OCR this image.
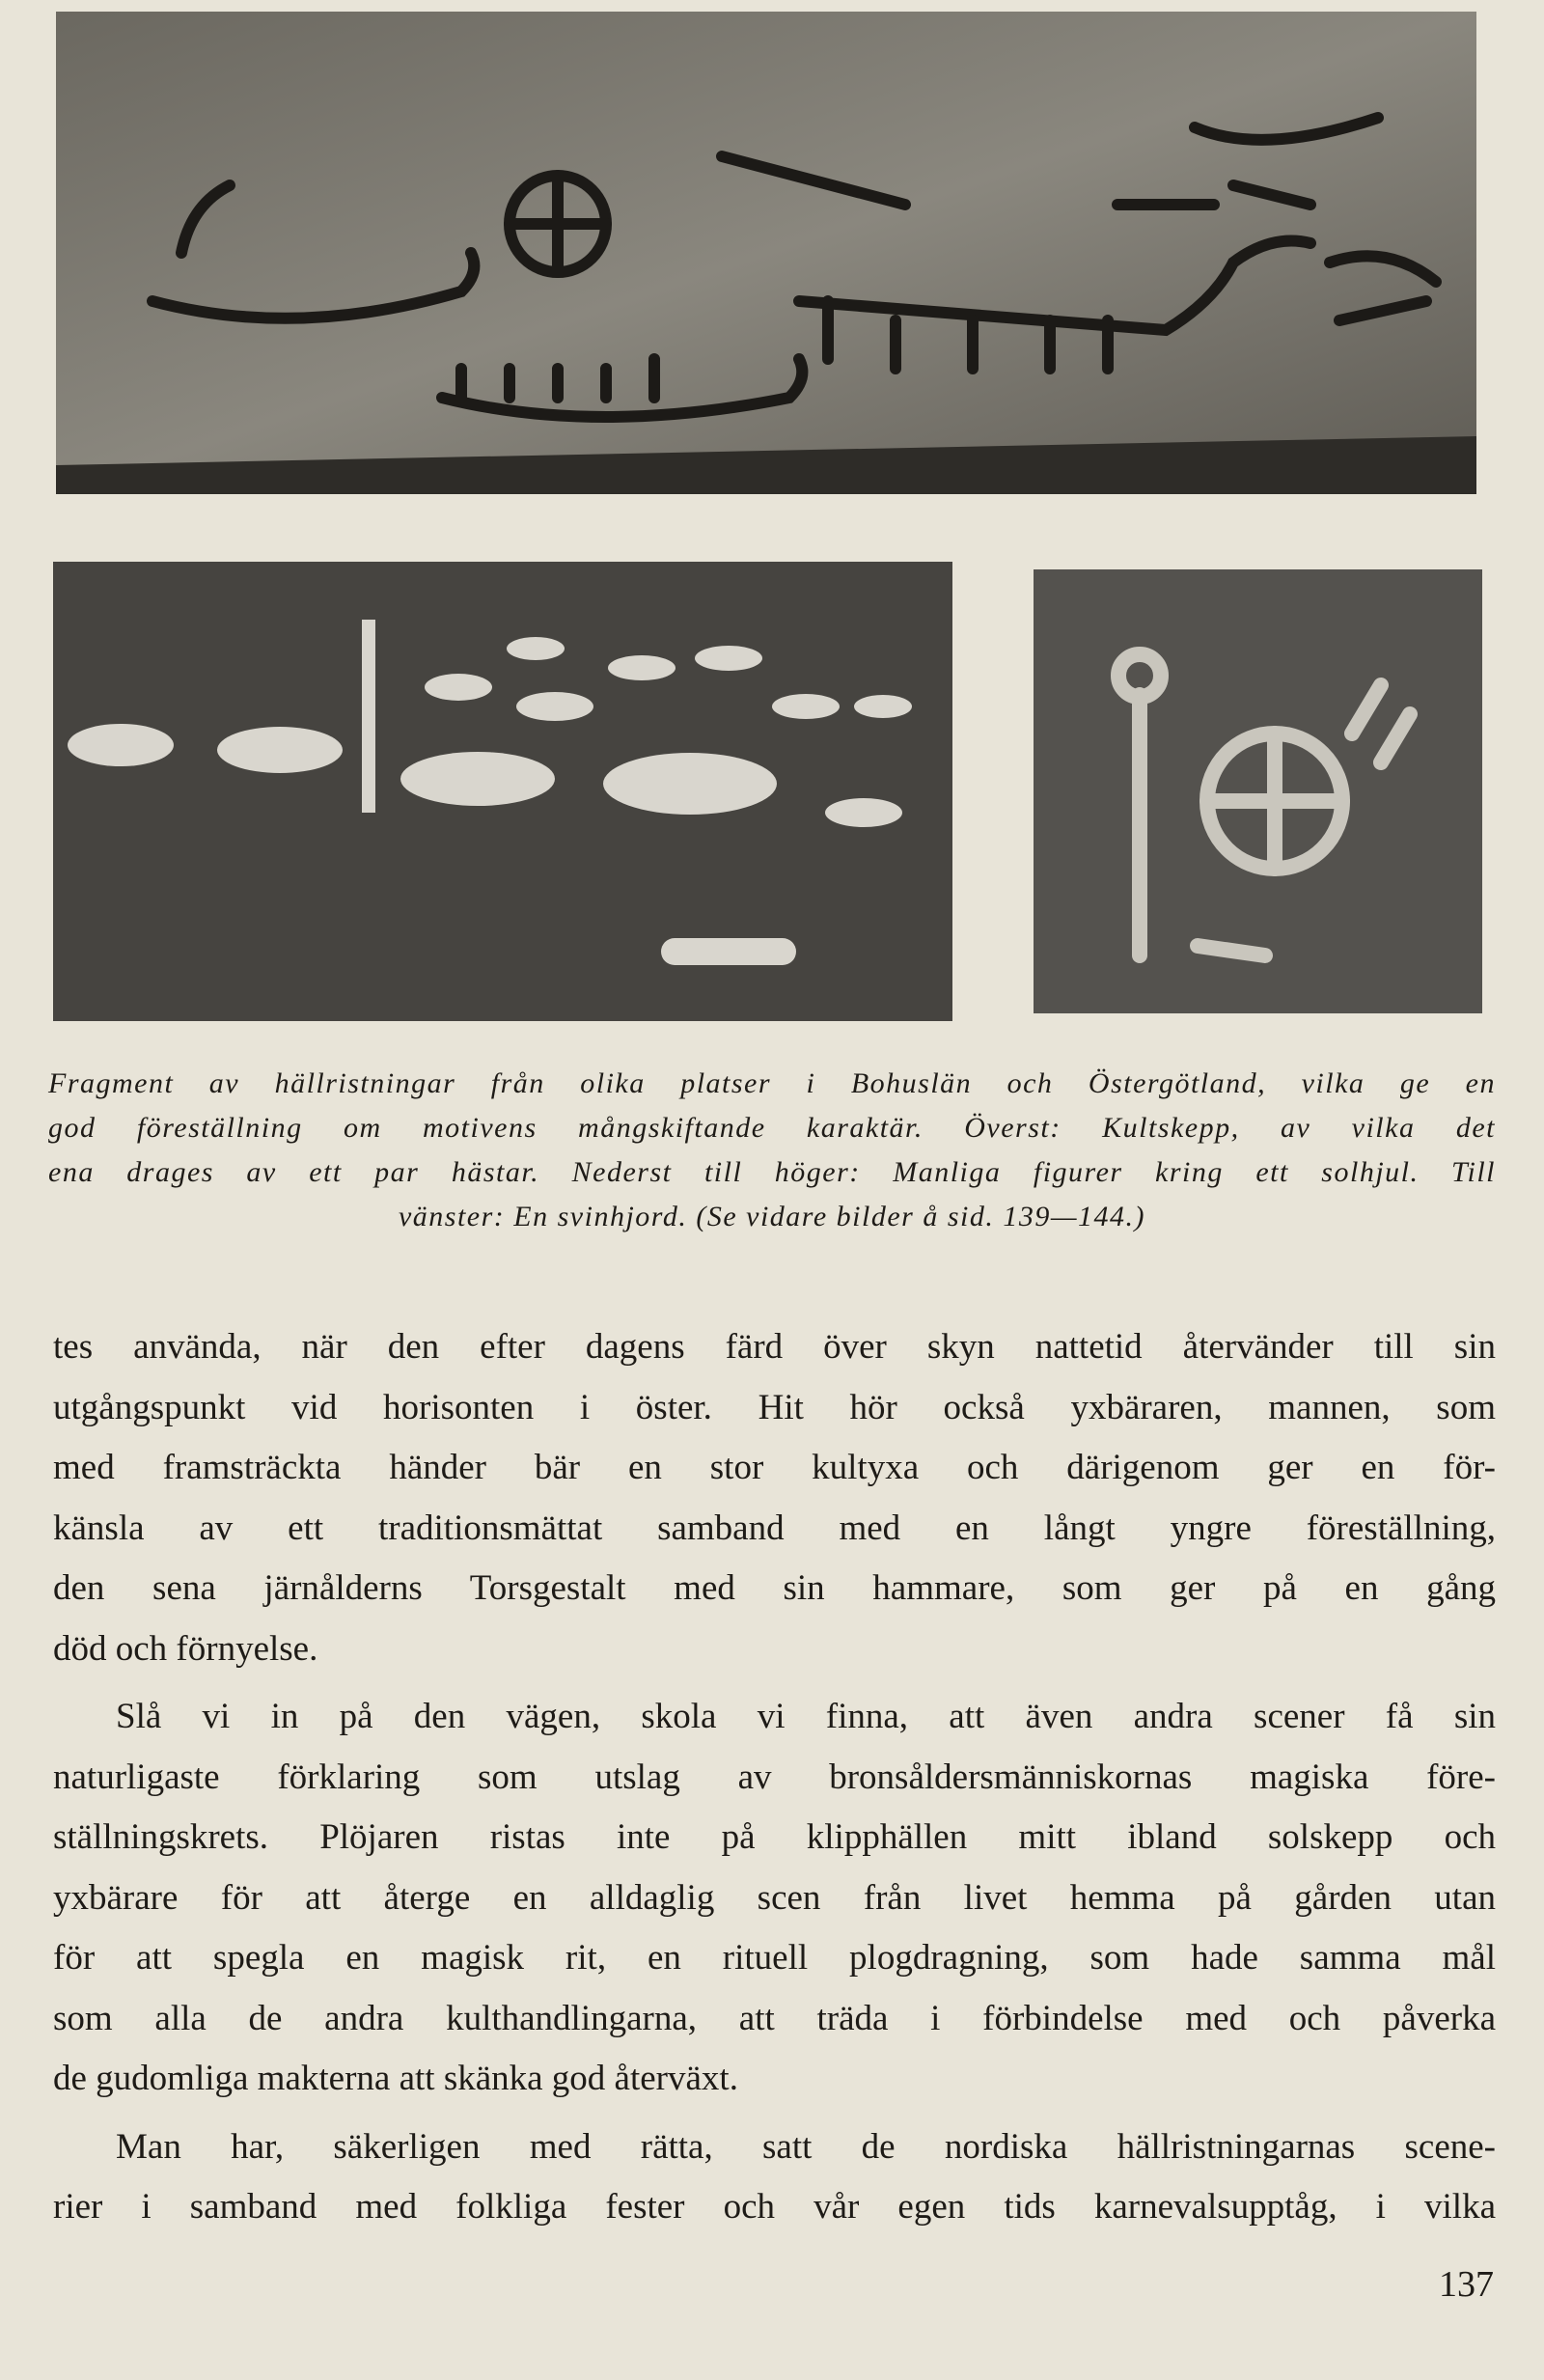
Fragment av hällristningar från olika platser i Bohuslän och Östergötland, vilka ge en
god föreställning om motivens mångskiftande karaktär. Överst: Kultskepp, av vilka det
ena drages av ett par hästar. Nederst till höger: Manliga figurer kring ett solhjul. Till
vänster: En svinhjord. (Se vidare bilder å sid. 139—144.)
tes använda, när den efter dagens färd över skyn nattetid återvänder till sin
utgångspunkt vid horisonten i öster. Hit hör också yxbäraren, mannen, som
med framsträckta händer bär en stor kultyxa och därigenom ger en för-
känsla av ett traditionsmättat samband med en långt yngre föreställning,
den sena järnålderns Torsgestalt med sin hammare, som ger på en gång
död och förnyelse.
Slå vi in på den vägen, skola vi finna, att även andra scener få sin
naturligaste förklaring som utslag av bronsåldersmänniskornas magiska före-
ställningskrets. Plöjaren ristas inte på klipphällen mitt ibland solskepp och
yxbärare för att återge en alldaglig scen från livet hemma på gården utan
för att spegla en magisk rit, en rituell plogdragning, som hade samma mål
som alla de andra kulthandlingarna, att träda i förbindelse med och påverka
de gudomliga makterna att skänka god återväxt.
Man har, säkerligen med rätta, satt de nordiska hällristningarnas scene-
rier i samband med folkliga fester och vår egen tids karnevalsupptåg, i vilka
137
